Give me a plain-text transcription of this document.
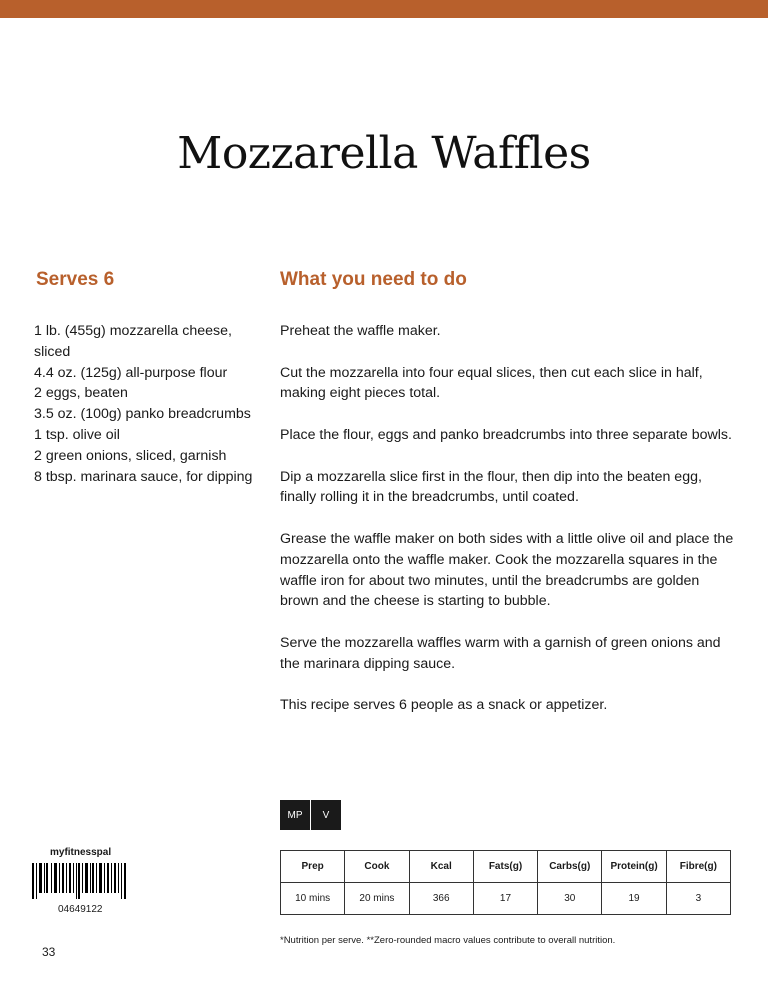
Mozzarella Waffles
Serves 6	What you need to do
1 lb. (455g) mozzarella cheese, sliced
4.4 oz. (125g) all-purpose flour
2 eggs, beaten
3.5 oz. (100g) panko breadcrumbs
1 tsp. olive oil
2 green onions, sliced, garnish
8 tbsp. marinara sauce, for dipping
Preheat the waffle maker.
Cut the mozzarella into four equal slices, then cut each slice in half, making eight pieces total.
Place the flour, eggs and panko breadcrumbs into three separate bowls.
Dip a mozzarella slice first in the flour, then dip into the beaten egg, finally rolling it in the breadcrumbs, until coated.
Grease the waffle maker on both sides with a little olive oil and place the mozzarella onto the waffle maker. Cook the mozzarella squares in the waffle iron for about two minutes, until the breadcrumbs are golden brown and the cheese is starting to bubble.
Serve the mozzarella waffles warm with a garnish of green onions and the marinara dipping sauce.
This recipe serves 6 people as a snack or appetizer.
MP	V
Prep	Cook	Kcal	Fats(g)	Carbs(g)	Protein(g)	Fibre(g)
10 mins	20 mins	366	17	30	19	3

*Nutrition per serve. **Zero-rounded macro values contribute to overall nutrition.

myfitnesspal
04649122
33
